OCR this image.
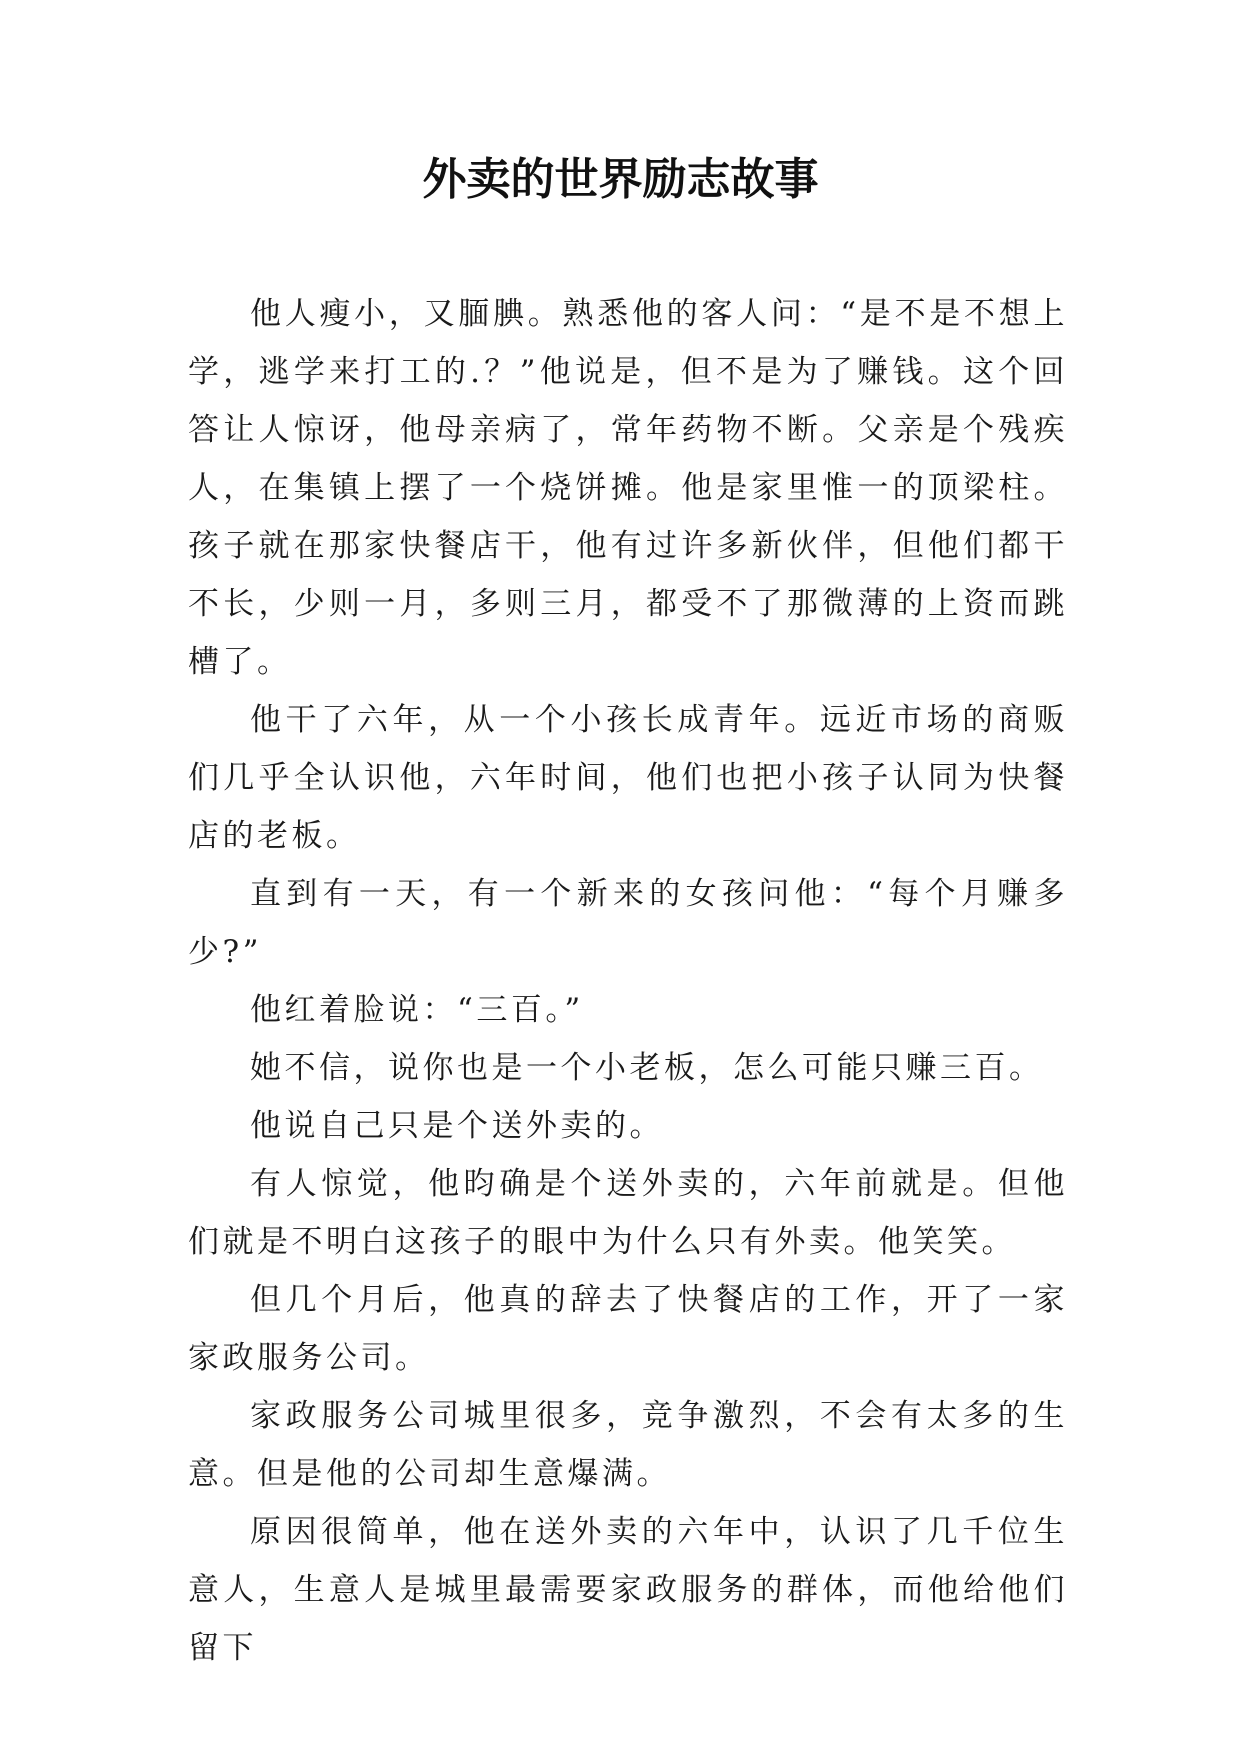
外卖的世界励志故事

他人瘦小，又腼腆。熟悉他的客人问：“是不是不想上学，逃学来打工的.？”他说是，但不是为了赚钱。这个回答让人惊讶，他母亲病了，常年药物不断。父亲是个残疾人，在集镇上摆了一个烧饼摊。他是家里惟一的顶梁柱。孩子就在那家快餐店干，他有过许多新伙伴，但他们都干不长，少则一月，多则三月，都受不了那微薄的上资而跳槽了。

他干了六年，从一个小孩长成青年。远近市场的商贩们几乎全认识他，六年时间，他们也把小孩子认同为快餐店的老板。

直到有一天，有一个新来的女孩问他：“每个月赚多少?”

他红着脸说：“三百。”

她不信，说你也是一个小老板，怎么可能只赚三百。

他说自己只是个送外卖的。

有人惊觉，他昀确是个送外卖的，六年前就是。但他们就是不明白这孩子的眼中为什么只有外卖。他笑笑。

但几个月后，他真的辞去了快餐店的工作，开了一家家政服务公司。

家政服务公司城里很多，竞争激烈，不会有太多的生意。但是他的公司却生意爆满。

原因很简单，他在送外卖的六年中，认识了几千位生意人，生意人是城里最需要家政服务的群体，而他给他们留下
